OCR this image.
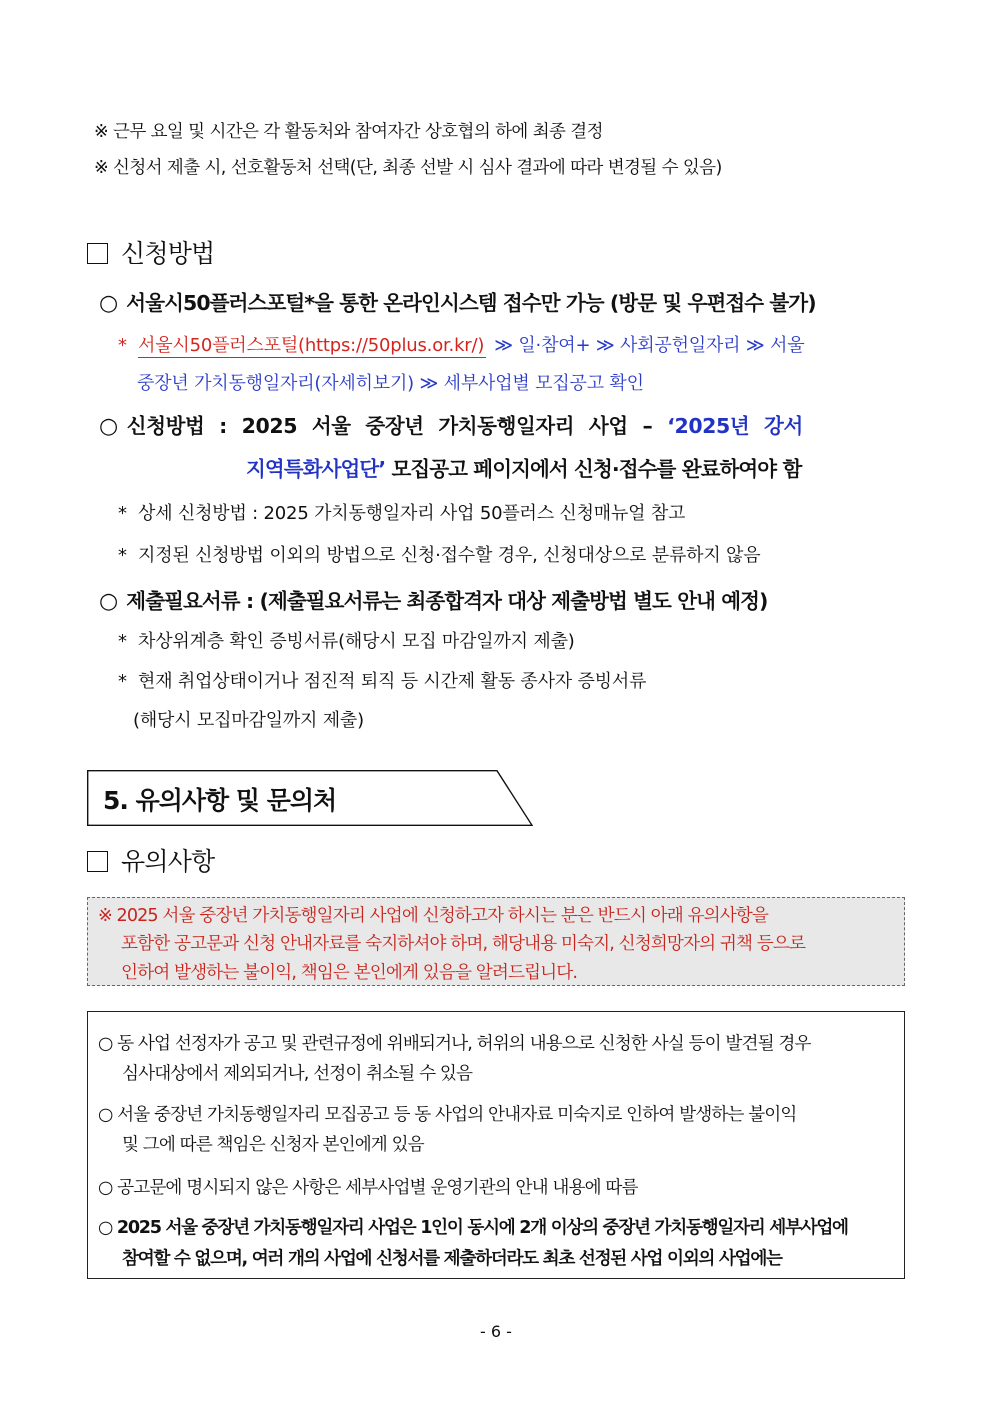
※ 근무 요일 및 시간은 각 활동처와 참여자간 상호협의 하에 최종 결정
※ 신청서 제출 시, 선호활동처 선택(단, 최종 선발 시 심사 결과에 따라 변경될 수 있음)
신청방법
○ 서울시50플러스포털*을 통한 온라인시스템 접수만 가능 (방문 및 우편접수 불가)
* 서울시50플러스포털(https://50plus.or.kr/) ≫ 일·참여+ ≫ 사회공헌일자리 ≫ 서울
중장년 가치동행일자리(자세히보기) ≫ 세부사업별 모집공고 확인
○ 신청방법 : 2025 서울 중장년 가치동행일자리 사업 – ‘2025년 강서
지역특화사업단’ 모집공고 페이지에서 신청·접수를 완료하여야 함
* 상세 신청방법 : 2025 가치동행일자리 사업 50플러스 신청매뉴얼 참고
* 지정된 신청방법 이외의 방법으로 신청·접수할 경우, 신청대상으로 분류하지 않음
○ 제출필요서류 : (제출필요서류는 최종합격자 대상 제출방법 별도 안내 예정)
* 차상위계층 확인 증빙서류(해당시 모집 마감일까지 제출)
* 현재 취업상태이거나 점진적 퇴직 등 시간제 활동 종사자 증빙서류
(해당시 모집마감일까지 제출)
5. 유의사항 및 문의처
유의사항
※ 2025 서울 중장년 가치동행일자리 사업에 신청하고자 하시는 분은 반드시 아래 유의사항을
포함한 공고문과 신청 안내자료를 숙지하셔야 하며, 해당내용 미숙지, 신청희망자의 귀책 등으로
인하여 발생하는 불이익, 책임은 본인에게 있음을 알려드립니다.
○ 동 사업 선정자가 공고 및 관련규정에 위배되거나, 허위의 내용으로 신청한 사실 등이 발견될 경우
심사대상에서 제외되거나, 선정이 취소될 수 있음
○ 서울 중장년 가치동행일자리 모집공고 등 동 사업의 안내자료 미숙지로 인하여 발생하는 불이익
및 그에 따른 책임은 신청자 본인에게 있음
○ 공고문에 명시되지 않은 사항은 세부사업별 운영기관의 안내 내용에 따름
○ 2025 서울 중장년 가치동행일자리 사업은 1인이 동시에 2개 이상의 중장년 가치동행일자리 세부사업에
참여할 수 없으며, 여러 개의 사업에 신청서를 제출하더라도 최초 선정된 사업 이외의 사업에는
- 6 -
